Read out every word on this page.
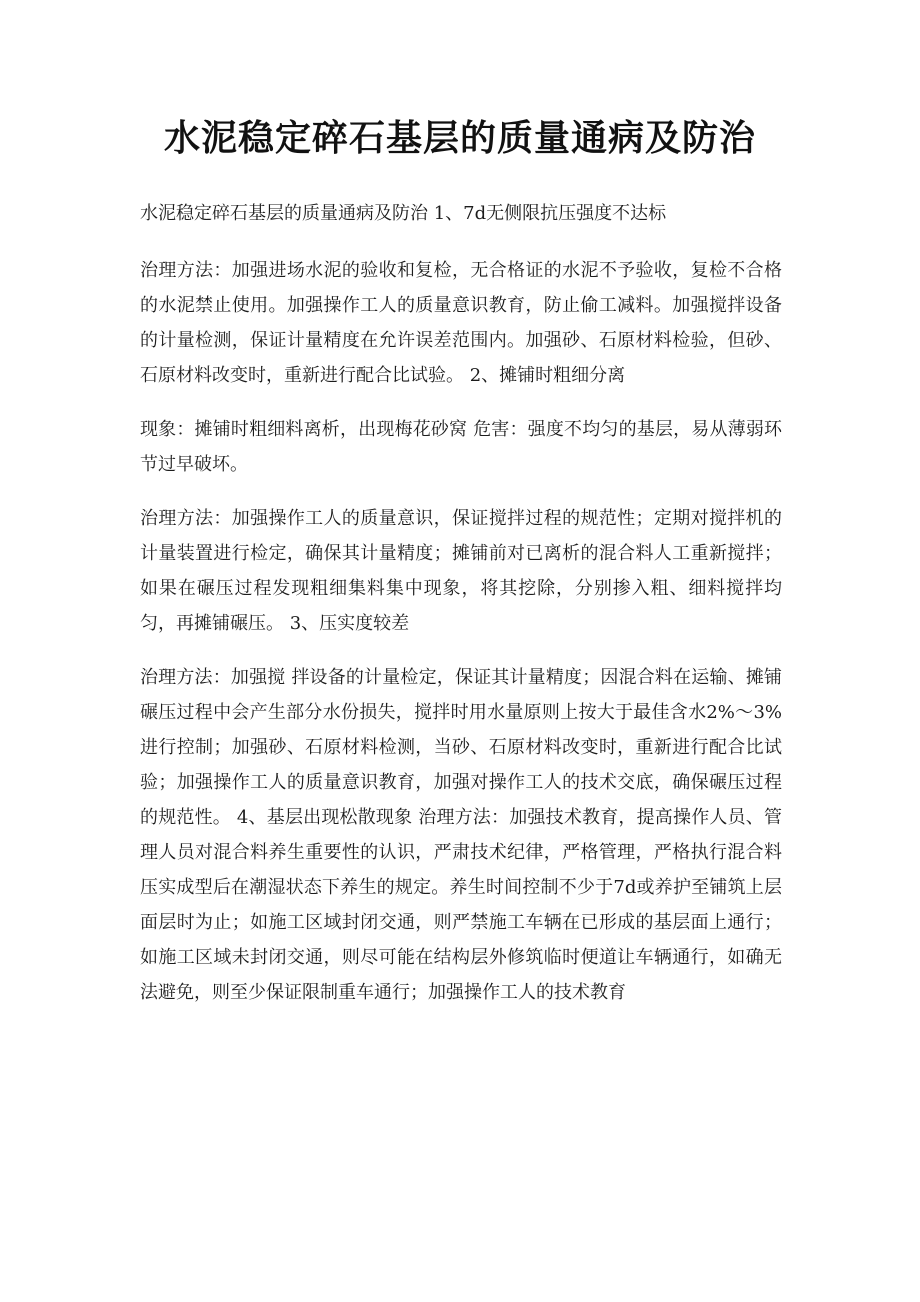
水泥稳定碎石基层的质量通病及防治

水泥稳定碎石基层的质量通病及防治 1、7d无侧限抗压强度不达标

治理方法：加强进场水泥的验收和复检，无合格证的水泥不予验收，复检不合格的水泥禁止使用。加强操作工人的质量意识教育，防止偷工减料。加强搅拌设备的计量检测，保证计量精度在允许误差范围内。加强砂、石原材料检验，但砂、石原材料改变时，重新进行配合比试验。 2、摊铺时粗细分离

现象：摊铺时粗细料离析，出现梅花砂窝 危害：强度不均匀的基层，易从薄弱环节过早破坏。

治理方法：加强操作工人的质量意识，保证搅拌过程的规范性；定期对搅拌机的计量装置进行检定，确保其计量精度；摊铺前对已离析的混合料人工重新搅拌；如果在碾压过程发现粗细集料集中现象，将其挖除，分别掺入粗、细料搅拌均匀，再摊铺碾压。 3、压实度较差

治理方法：加强搅 拌设备的计量检定，保证其计量精度；因混合料在运输、摊铺碾压过程中会产生部分水份损失，搅拌时用水量原则上按大于最佳含水2%～3%进行控制；加强砂、石原材料检测，当砂、石原材料改变时，重新进行配合比试验；加强操作工人的质量意识教育，加强对操作工人的技术交底，确保碾压过程的规范性。 4、基层出现松散现象 治理方法：加强技术教育，提高操作人员、管理人员对混合料养生重要性的认识，严肃技术纪律，严格管理，严格执行混合料压实成型后在潮湿状态下养生的规定。养生时间控制不少于7d或养护至铺筑上层面层时为止；如施工区域封闭交通，则严禁施工车辆在已形成的基层面上通行；如施工区域未封闭交通，则尽可能在结构层外修筑临时便道让车辆通行，如确无法避免，则至少保证限制重车通行；加强操作工人的技术教育
